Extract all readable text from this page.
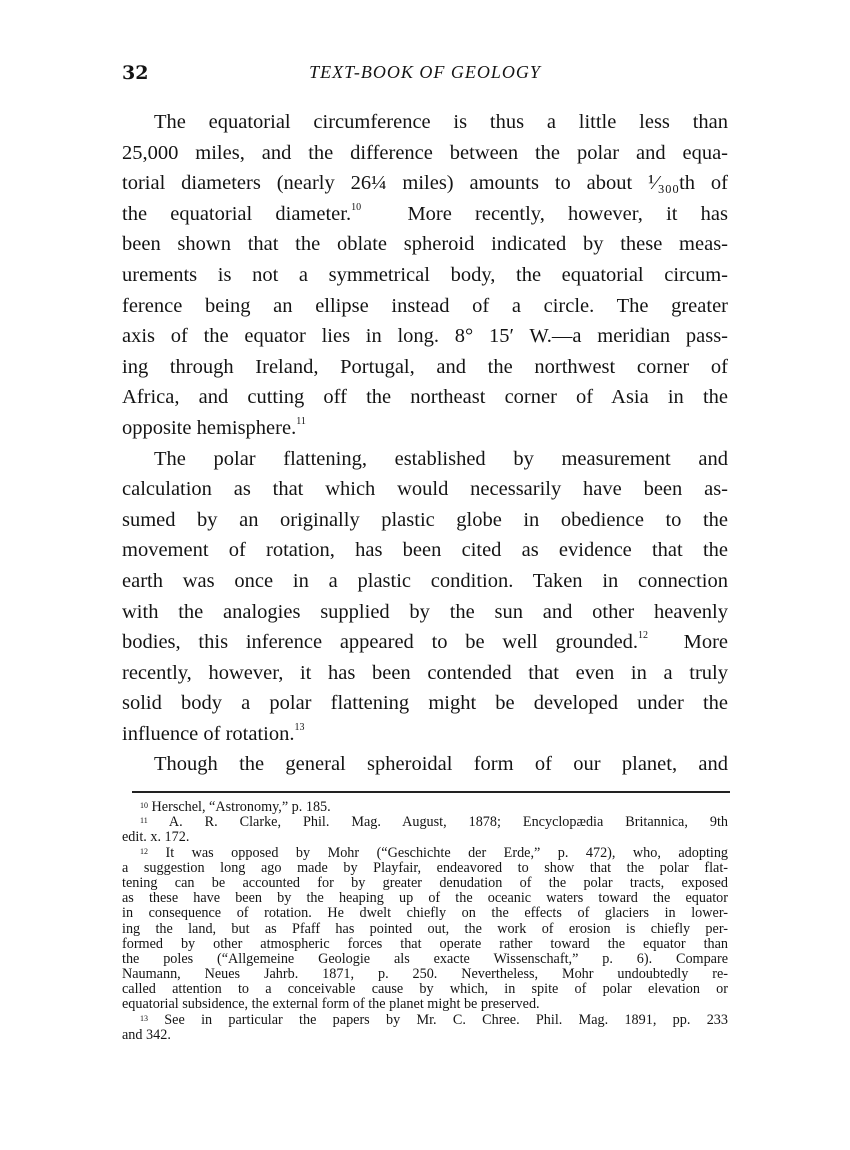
32	TEXT-BOOK OF GEOLOGY
The equatorial circumference is thus a little less than
25,000 miles, and the difference between the polar and equa-
torial diameters (nearly 26¼ miles) amounts to about ¹⁄₃₀₀th of
the equatorial diameter.$^{10}$ More recently, however, it has
been shown that the oblate spheroid indicated by these meas-
urements is not a symmetrical body, the equatorial circum-
ference being an ellipse instead of a circle. The greater
axis of the equator lies in long. 8° 15′ W.—a meridian pass-
ing through Ireland, Portugal, and the northwest corner of
Africa, and cutting off the northeast corner of Asia in the
opposite hemisphere.$^{11}$
The polar flattening, established by measurement and
calculation as that which would necessarily have been as-
sumed by an originally plastic globe in obedience to the
movement of rotation, has been cited as evidence that the
earth was once in a plastic condition. Taken in connection
with the analogies supplied by the sun and other heavenly
bodies, this inference appeared to be well grounded.$^{12}$ More
recently, however, it has been contended that even in a truly
solid body a polar flattening might be developed under the
influence of rotation.$^{13}$
Though the general spheroidal form of our planet, and
$^{10}$ Herschel, “Astronomy,” p. 185.
$^{11}$ A. R. Clarke, Phil. Mag. August, 1878; Encyclopædia Britannica, 9th
edit. x. 172.
$^{12}$ It was opposed by Mohr (“Geschichte der Erde,” p. 472), who, adopting
a suggestion long ago made by Playfair, endeavored to show that the polar flat-
tening can be accounted for by greater denudation of the polar tracts, exposed
as these have been by the heaping up of the oceanic waters toward the equator
in consequence of rotation. He dwelt chiefly on the effects of glaciers in lower-
ing the land, but as Pfaff has pointed out, the work of erosion is chiefly per-
formed by other atmospheric forces that operate rather toward the equator than
the poles (“Allgemeine Geologie als exacte Wissenschaft,” p. 6). Compare
Naumann, Neues Jahrb. 1871, p. 250. Nevertheless, Mohr undoubtedly re-
called attention to a conceivable cause by which, in spite of polar elevation or
equatorial subsidence, the external form of the planet might be preserved.
$^{13}$ See in particular the papers by Mr. C. Chree. Phil. Mag. 1891, pp. 233
and 342.
